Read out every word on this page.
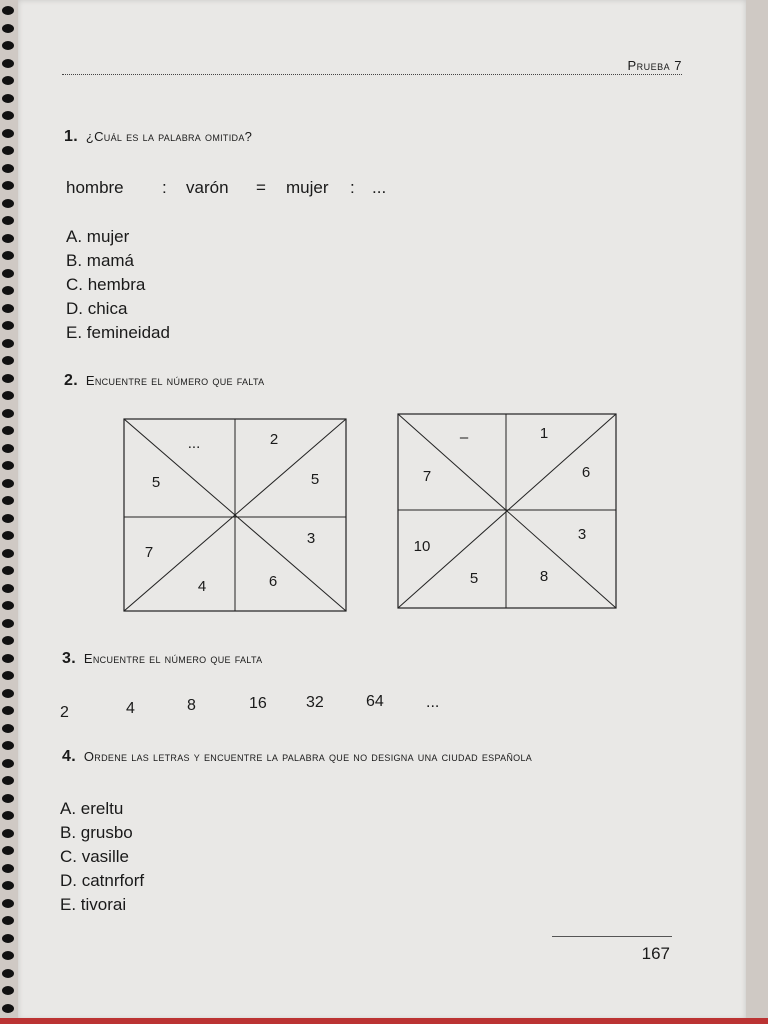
Prueba 7
1. ¿Cuál es la palabra omitida?
hombre : varón = mujer : ...
A. mujer
B. mamá
C. hembra
D. chica
E. femineidad
2. Encuentre el número que falta
...	2
5	5
7
3
4	6
–	1
7	6
10
3
5	8
3. Encuentre el número que falta
2	4	8	16 32	64	...
4. Ordene las letras y encuentre la palabra que no designa una ciudad española
A. ereltu
B. grusbo
C. vasille
D. catnrforf
E. tivorai
167
